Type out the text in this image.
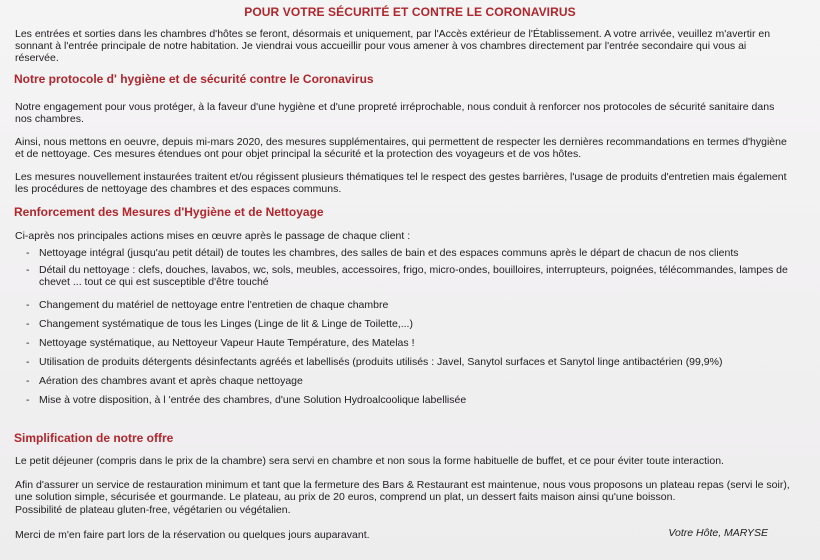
POUR VOTRE SÉCURITÉ ET CONTRE LE CORONAVIRUS

Les entrées et sorties dans les chambres d'hôtes se feront, désormais et uniquement, par l'Accès extérieur de l'Établissement. A votre arrivée, veuillez m'avertir en sonnant à l'entrée principale de notre habitation. Je viendrai vous accueillir pour vous amener à vos chambres directement par l'entrée secondaire qui vous ai réservée.

Notre protocole d' hygiène et de sécurité contre le Coronavirus

Notre engagement pour vous protéger, à la faveur d'une hygiène et d'une propreté irréprochable, nous conduit à renforcer nos protocoles de sécurité sanitaire dans nos chambres.

Ainsi, nous mettons en oeuvre, depuis mi-mars 2020, des mesures supplémentaires, qui permettent de respecter les dernières recommandations en termes d'hygiène et de nettoyage. Ces mesures étendues ont pour objet principal la sécurité et la protection des voyageurs et de vos hôtes.

Les mesures nouvellement instaurées traitent et/ou régissent plusieurs thématiques tel le respect des gestes barrières, l'usage de produits d'entretien mais également les procédures de nettoyage des chambres et des espaces communs.

Renforcement des Mesures d'Hygiène et de Nettoyage

Ci-après nos principales actions mises en œuvre après le passage de chaque client :

- Nettoyage intégral (jusqu'au petit détail) de toutes les chambres, des salles de bain et des espaces communs après le départ de chacun de nos clients
- Détail du nettoyage : clefs, douches, lavabos, wc, sols, meubles, accessoires, frigo, micro-ondes, bouilloires, interrupteurs, poignées, télécommandes, lampes de chevet ... tout ce qui est susceptible d'être touché
- Changement du matériel de nettoyage entre l'entretien de chaque chambre
- Changement systématique de tous les Linges (Linge de lit & Linge de Toilette,...)
- Nettoyage systématique, au Nettoyeur Vapeur Haute Température, des Matelas !
- Utilisation de produits détergents désinfectants agréés et labellisés (produits utilisés : Javel, Sanytol surfaces et Sanytol linge antibactérien (99,9%)
- Aération des chambres avant et après chaque nettoyage
- Mise à votre disposition, à l 'entrée des chambres, d'une Solution Hydroalcoolique labellisée

Simplification de notre offre

Le petit déjeuner (compris dans le prix de la chambre) sera servi en chambre et non sous la forme habituelle de buffet, et ce pour éviter toute interaction.

Afin d'assurer un service de restauration minimum et tant que la fermeture des Bars & Restaurant est maintenue, nous vous proposons un plateau repas (servi le soir), une solution simple, sécurisée et gourmande. Le plateau, au prix de 20 euros, comprend un plat, un dessert faits maison ainsi qu'une boisson.

Possibilité de plateau gluten-free, végétarien ou végétalien.

Merci de m'en faire part lors de la réservation ou quelques jours auparavant.	Votre Hôte, MARYSE
